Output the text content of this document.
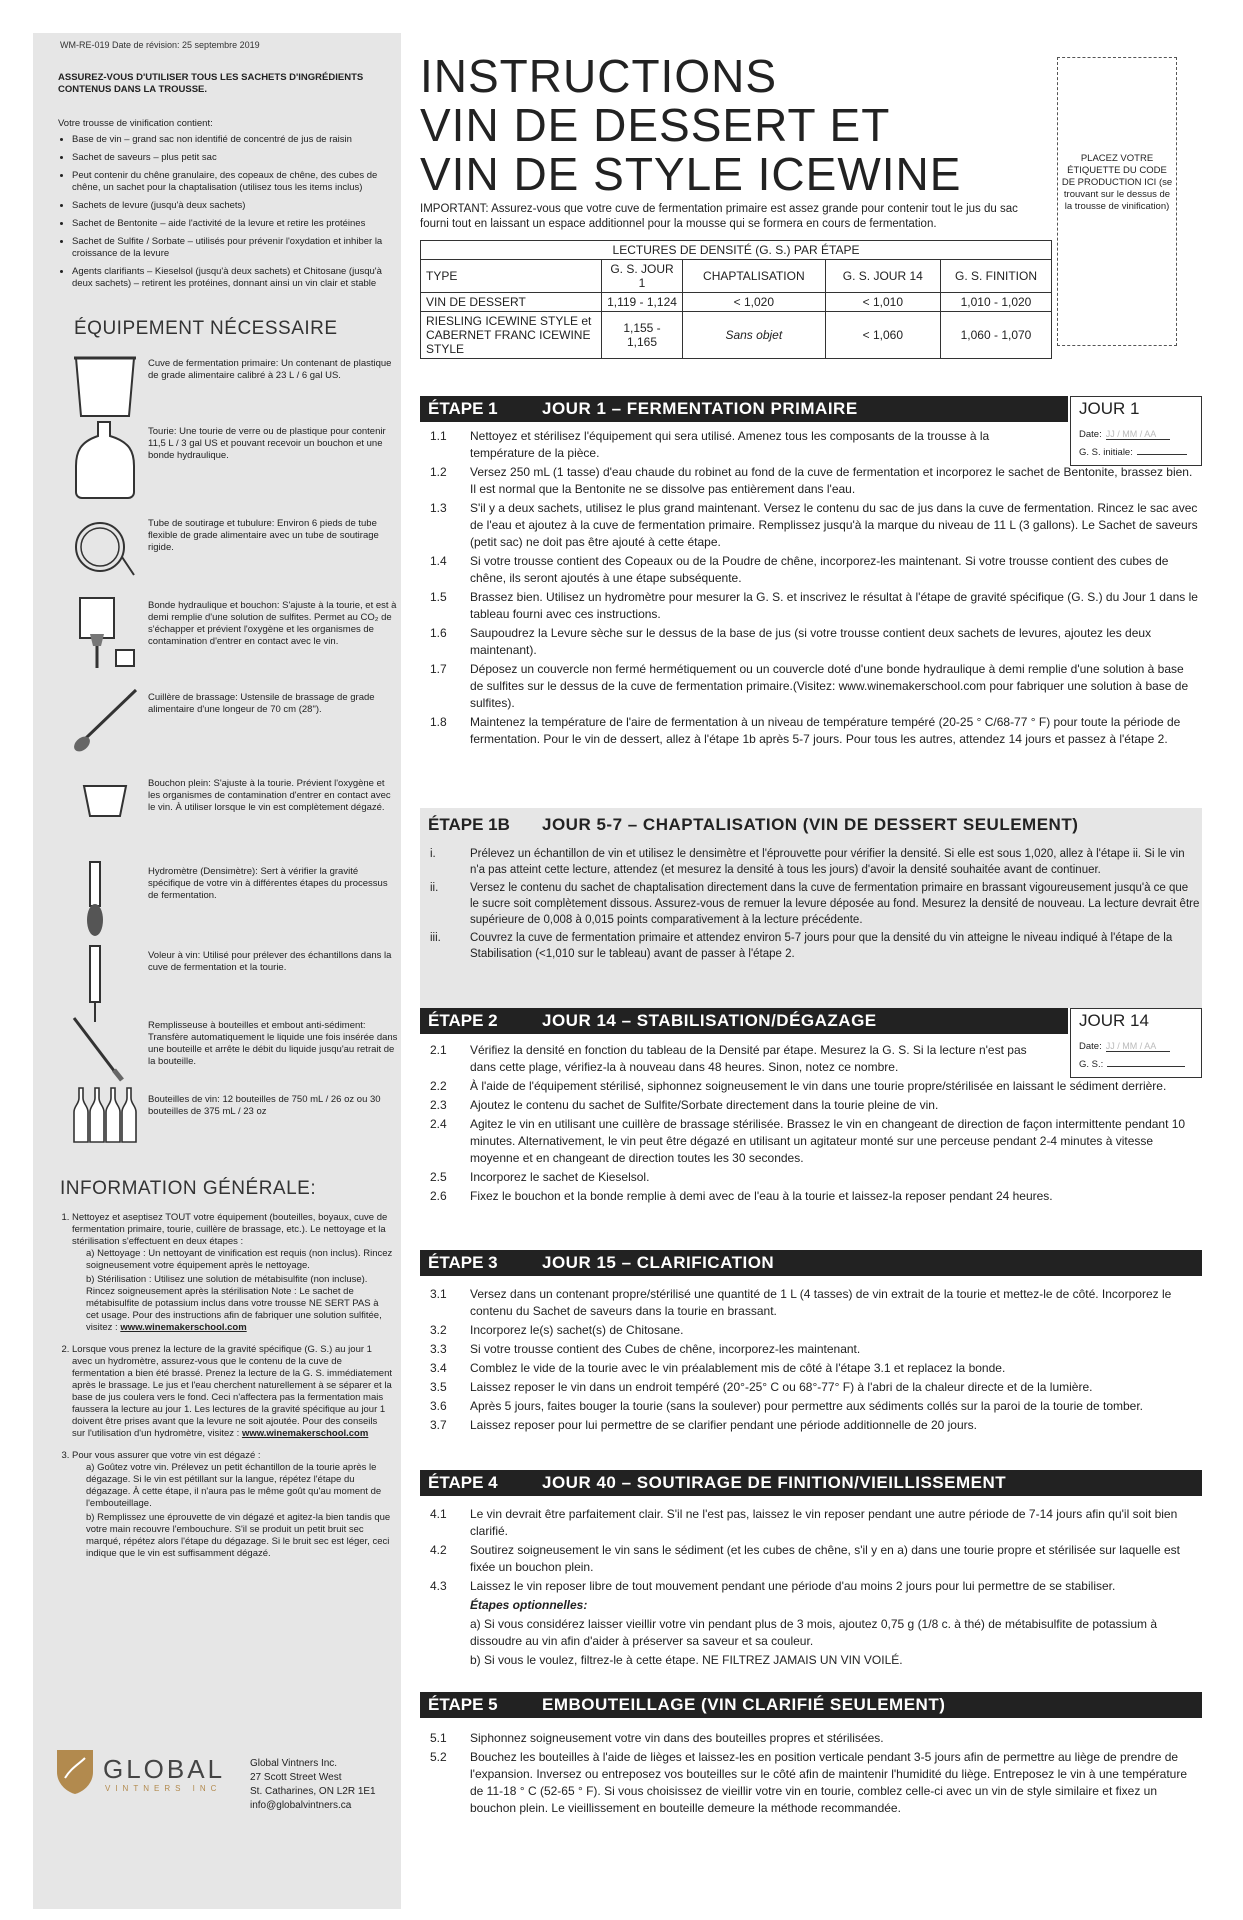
WM-RE-019 Date de révision: 25 septembre 2019
ASSUREZ-VOUS D'UTILISER TOUS LES SACHETS D'INGRÉDIENTS CONTENUS DANS LA TROUSSE.
Votre trousse de vinification contient:
• Base de vin – grand sac non identifié de concentré de jus de raisin
• Sachet de saveurs – plus petit sac
• Peut contenir du chêne granulaire, des copeaux de chêne, des cubes de chêne, un sachet pour la chaptalisation (utilisez tous les items inclus)
• Sachets de levure (jusqu'à deux sachets)
• Sachet de Bentonite – aide l'activité de la levure et retire les protéines
• Sachet de Sulfite / Sorbate – utilisés pour prévenir l'oxydation et inhiber la croissance de la levure
• Agents clarifiants – Kieselsol (jusqu'à deux sachets) et Chitosane (jusqu'à deux sachets) – retirent les protéines, donnant ainsi un vin clair et stable
ÉQUIPEMENT NÉCESSAIRE
Cuve de fermentation primaire: Un contenant de plastique de grade alimentaire calibré à 23 L / 6 gal US.
Tourie: Une tourie de verre ou de plastique pour contenir 11,5 L / 3 gal US et pouvant recevoir un bouchon et une bonde hydraulique.
Tube de soutirage et tubulure: Environ 6 pieds de tube flexible de grade alimentaire avec un tube de soutirage rigide.
Bonde hydraulique et bouchon: S'ajuste à la tourie, et est à demi remplie d'une solution de sulfites. Permet au CO₂ de s'échapper et prévient l'oxygène et les organismes de contamination d'entrer en contact avec le vin.
Cuillère de brassage: Ustensile de brassage de grade alimentaire d'une longeur de 70 cm (28").
Bouchon plein: S'ajuste à la tourie. Prévient l'oxygène et les organismes de contamination d'entrer en contact avec le vin. À utiliser lorsque le vin est complètement dégazé.
Hydromètre (Densimètre): Sert à vérifier la gravité spécifique de votre vin à différentes étapes du processus de fermentation.
Voleur à vin: Utilisé pour prélever des échantillons dans la cuve de fermentation et la tourie.
Remplisseuse à bouteilles et embout anti-sédiment: Transfère automatiquement le liquide une fois insérée dans une bouteille et arrête le débit du liquide jusqu'au retrait de la bouteille.
Bouteilles de vin: 12 bouteilles de 750 mL / 26 oz ou 30 bouteilles de 375 mL / 23 oz
INFORMATION GÉNÉRALE:
1. Nettoyez et aseptisez TOUT votre équipement (bouteilles, boyaux, cuve de fermentation primaire, tourie, cuillère de brassage, etc.). Le nettoyage et la stérilisation s'effectuent en deux étapes :
a) Nettoyage : Un nettoyant de vinification est requis (non inclus). Rincez soigneusement votre équipement après le nettoyage.
b) Stérilisation : Utilisez une solution de métabisulfite (non incluse). Rincez soigneusement après la stérilisation Note : Le sachet de métabisulfite de potassium inclus dans votre trousse NE SERT PAS à cet usage. Pour des instructions afin de fabriquer une solution sulfitée, visitez : www.winemakerschool.com
2. Lorsque vous prenez la lecture de la gravité spécifique (G. S.) au jour 1 avec un hydromètre, assurez-vous que le contenu de la cuve de fermentation a bien été brassé. Prenez la lecture de la G. S. immédiatement après le brassage. Le jus et l'eau cherchent naturellement à se séparer et la base de jus coulera vers le fond. Ceci n'affectera pas la fermentation mais faussera la lecture au jour 1. Les lectures de la gravité spécifique au jour 1 doivent être prises avant que la levure ne soit ajoutée. Pour des conseils sur l'utilisation d'un hydromètre, visitez : www.winemakerschool.com
3. Pour vous assurer que votre vin est dégazé :
a) Goûtez votre vin. Prélevez un petit échantillon de la tourie après le dégazage. Si le vin est pétillant sur la langue, répétez l'étape du dégazage. À cette étape, il n'aura pas le même goût qu'au moment de l'embouteillage.
b) Remplissez une éprouvette de vin dégazé et agitez-la bien tandis que votre main recouvre l'embouchure. S'il se produit un petit bruit sec marqué, répétez alors l'étape du dégazage. Si le bruit sec est léger, ceci indique que le vin est suffisamment dégazé.
GLOBAL
VINTNERS INC
Global Vintners Inc.
27 Scott Street West
St. Catharines, ON L2R 1E1
info@globalvintners.ca
INSTRUCTIONS
VIN DE DESSERT ET
VIN DE STYLE ICEWINE	PLACEZ VOTRE ÉTIQUETTE DU CODE DE PRODUCTION ICI (se trouvant sur le dessus de la trousse de vinification)
IMPORTANT: Assurez-vous que votre cuve de fermentation primaire est assez grande pour contenir tout le jus du sac fourni tout en laissant un espace additionnel pour la mousse qui se formera en cours de fermentation.
LECTURES DE DENSITÉ (G. S.) PAR ÉTAPE				
TYPE	G. S. JOUR 1	CHAPTALISATION	G. S. JOUR 14	G. S. FINITION
VIN DE DESSERT	1,119 - 1,124	< 1,020	< 1,010	1,010 - 1,020
RIESLING ICEWINE STYLE et CABERNET FRANC ICEWINE STYLE	1,155 - 1,165	Sans objet	< 1,060	1,060 - 1,070
ÉTAPE 1	JOUR 1 – FERMENTATION PRIMAIRE	JOUR 1
Date: JJ / MM / AA
G. S. initiale:
1.1	Nettoyez et stérilisez l'équipement qui sera utilisé. Amenez tous les composants de la trousse à la température de la pièce.
1.2	Versez 250 mL (1 tasse) d'eau chaude du robinet au fond de la cuve de fermentation et incorporez le sachet de Bentonite, brassez bien. Il est normal que la Bentonite ne se dissolve pas entièrement dans l'eau.
1.3	S'il y a deux sachets, utilisez le plus grand maintenant. Versez le contenu du sac de jus dans la cuve de fermentation. Rincez le sac avec de l'eau et ajoutez à la cuve de fermentation primaire. Remplissez jusqu'à la marque du niveau de 11 L (3 gallons). Le Sachet de saveurs (petit sac) ne doit pas être ajouté à cette étape.
1.4	Si votre trousse contient des Copeaux ou de la Poudre de chêne, incorporez-les maintenant. Si votre trousse contient des cubes de chêne, ils seront ajoutés à une étape subséquente.
1.5	Brassez bien. Utilisez un hydromètre pour mesurer la G. S. et inscrivez le résultat à l'étape de gravité spécifique (G. S.) du Jour 1 dans le tableau fourni avec ces instructions.
1.6	Saupoudrez la Levure sèche sur le dessus de la base de jus (si votre trousse contient deux sachets de levures, ajoutez les deux maintenant).
1.7	Déposez un couvercle non fermé hermétiquement ou un couvercle doté d'une bonde hydraulique à demi remplie d'une solution à base de sulfites sur le dessus de la cuve de fermentation primaire.(Visitez: www.winemakerschool.com pour fabriquer une solution à base de sulfites).
1.8	Maintenez la température de l'aire de fermentation à un niveau de température tempéré (20-25 ° C/68-77 ° F) pour toute la période de fermentation. Pour le vin de dessert, allez à l'étape 1b après 5-7 jours. Pour tous les autres, attendez 14 jours et passez à l'étape 2.
ÉTAPE 1B JOUR 5-7 – CHAPTALISATION (VIN DE DESSERT SEULEMENT)
i.	Prélevez un échantillon de vin et utilisez le densimètre et l'éprouvette pour vérifier la densité. Si elle est sous 1,020, allez à l'étape ii. Si le vin n'a pas atteint cette lecture, attendez (et mesurez la densité à tous les jours) d'avoir la densité souhaitée avant de continuer.
ii.	Versez le contenu du sachet de chaptalisation directement dans la cuve de fermentation primaire en brassant vigoureusement jusqu'à ce que le sucre soit complètement dissous. Assurez-vous de remuer la levure déposée au fond. Mesurez la densité de nouveau. La lecture devrait être supérieure de 0,008 à 0,015 points comparativement à la lecture précédente.
iii.	Couvrez la cuve de fermentation primaire et attendez environ 5-7 jours pour que la densité du vin atteigne le niveau indiqué à l'étape de la Stabilisation (<1,010 sur le tableau) avant de passer à l'étape 2.
ÉTAPE 2	JOUR 14 – STABILISATION/DÉGAZAGE	JOUR 14
Date: JJ / MM / AA
G. S.:
2.1	Vérifiez la densité en fonction du tableau de la Densité par étape. Mesurez la G. S. Si la lecture n'est pas dans cette plage, vérifiez-la à nouveau dans 48 heures. Sinon, notez ce nombre.
2.2	À l'aide de l'équipement stérilisé, siphonnez soigneusement le vin dans une tourie propre/stérilisée en laissant le sédiment derrière.
2.3	Ajoutez le contenu du sachet de Sulfite/Sorbate directement dans la tourie pleine de vin.
2.4	Agitez le vin en utilisant une cuillère de brassage stérilisée. Brassez le vin en changeant de direction de façon intermittente pendant 10 minutes. Alternativement, le vin peut être dégazé en utilisant un agitateur monté sur une perceuse pendant 2-4 minutes à vitesse moyenne et en changeant de direction toutes les 30 secondes.
2.5	Incorporez le sachet de Kieselsol.
2.6	Fixez le bouchon et la bonde remplie à demi avec de l'eau à la tourie et laissez-la reposer pendant 24 heures.
ÉTAPE 3	JOUR 15 – CLARIFICATION
3.1	Versez dans un contenant propre/stérilisé une quantité de 1 L (4 tasses) de vin extrait de la tourie et mettez-le de côté. Incorporez le contenu du Sachet de saveurs dans la tourie en brassant.
3.2	Incorporez le(s) sachet(s) de Chitosane.
3.3	Si votre trousse contient des Cubes de chêne, incorporez-les maintenant.
3.4	Comblez le vide de la tourie avec le vin préalablement mis de côté à l'étape 3.1 et replacez la bonde.
3.5	Laissez reposer le vin dans un endroit tempéré (20°-25° C ou 68°-77° F) à l'abri de la chaleur directe et de la lumière.
3.6	Après 5 jours, faites bouger la tourie (sans la soulever) pour permettre aux sédiments collés sur la paroi de la tourie de tomber.
3.7	Laissez reposer pour lui permettre de se clarifier pendant une période additionnelle de 20 jours.
ÉTAPE 4	JOUR 40 – SOUTIRAGE DE FINITION/VIEILLISSEMENT
4.1	Le vin devrait être parfaitement clair. S'il ne l'est pas, laissez le vin reposer pendant une autre période de 7-14 jours afin qu'il soit bien clarifié.
4.2	Soutirez soigneusement le vin sans le sédiment (et les cubes de chêne, s'il y en a) dans une tourie propre et stérilisée sur laquelle est fixée un bouchon plein.
4.3	Laissez le vin reposer libre de tout mouvement pendant une période d'au moins 2 jours pour lui permettre de se stabiliser.
Étapes optionnelles:
a) Si vous considérez laisser vieillir votre vin pendant plus de 3 mois, ajoutez 0,75 g (1/8 c. à thé) de métabisulfite de potassium à dissoudre au vin afin d'aider à préserver sa saveur et sa couleur.
b) Si vous le voulez, filtrez-le à cette étape. NE FILTREZ JAMAIS UN VIN VOILÉ.
ÉTAPE 5	EMBOUTEILLAGE (VIN CLARIFIÉ SEULEMENT)
5.1	Siphonnez soigneusement votre vin dans des bouteilles propres et stérilisées.
5.2	Bouchez les bouteilles à l'aide de lièges et laissez-les en position verticale pendant 3-5 jours afin de permettre au liège de prendre de l'expansion. Inversez ou entreposez vos bouteilles sur le côté afin de maintenir l'humidité du liège. Entreposez le vin à une température de 11-18 ° C (52-65 ° F). Si vous choisissez de vieillir votre vin en tourie, comblez celle-ci avec un vin de style similaire et fixez un bouchon plein. Le vieillissement en bouteille demeure la méthode recommandée.
